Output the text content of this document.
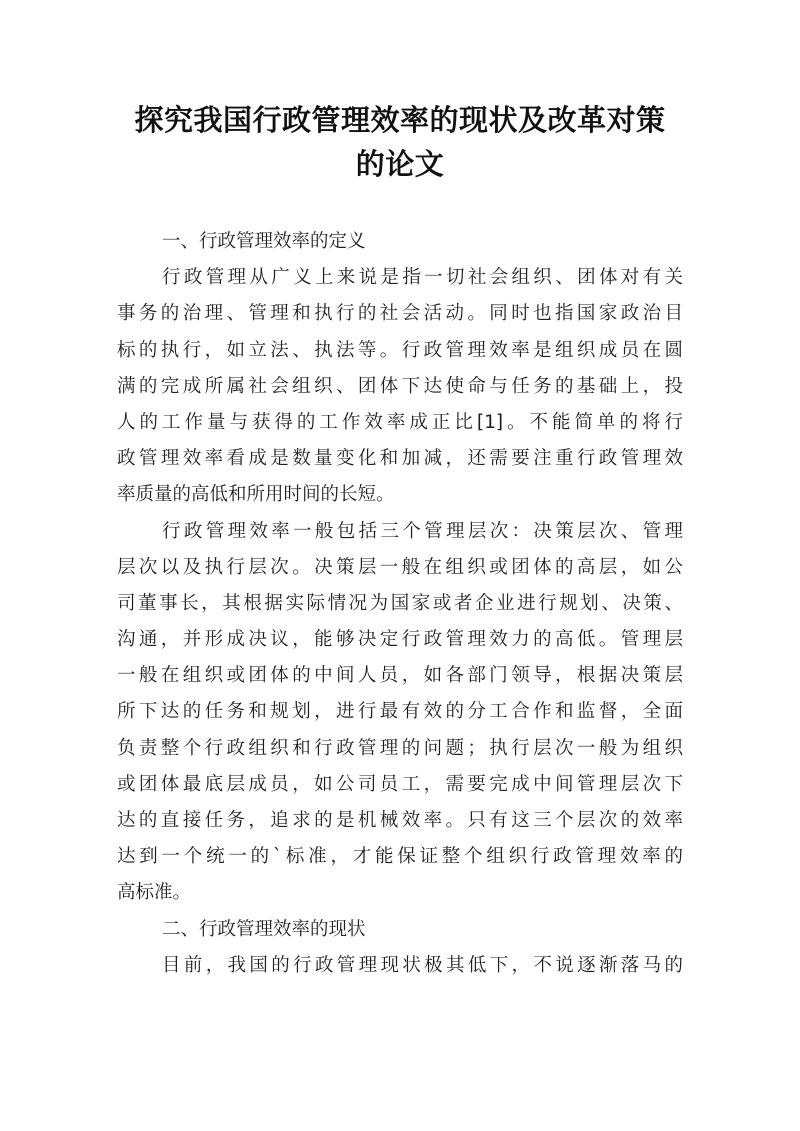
探究我国行政管理效率的现状及改革对策
的论文
一、行政管理效率的定义
行政管理从广义上来说是指一切社会组织、团体对有关
事务的治理、管理和执行的社会活动。同时也指国家政治目
标的执行，如立法、执法等。行政管理效率是组织成员在圆
满的完成所属社会组织、团体下达使命与任务的基础上，投
人的工作量与获得的工作效率成正比[1]。不能简单的将行
政管理效率看成是数量变化和加减，还需要注重行政管理效
率质量的高低和所用时间的长短。
行政管理效率一般包括三个管理层次：决策层次、管理
层次以及执行层次。决策层一般在组织或团体的高层，如公
司董事长，其根据实际情况为国家或者企业进行规划、决策、
沟通，并形成决议，能够决定行政管理效力的高低。管理层
一般在组织或团体的中间人员，如各部门领导，根据决策层
所下达的任务和规划，进行最有效的分工合作和监督，全面
负责整个行政组织和行政管理的问题；执行层次一般为组织
或团体最底层成员，如公司员工，需要完成中间管理层次下
达的直接任务，追求的是机械效率。只有这三个层次的效率
达到一个统一的`标准，才能保证整个组织行政管理效率的
高标准。
二、行政管理效率的现状
目前，我国的行政管理现状极其低下，不说逐渐落马的
